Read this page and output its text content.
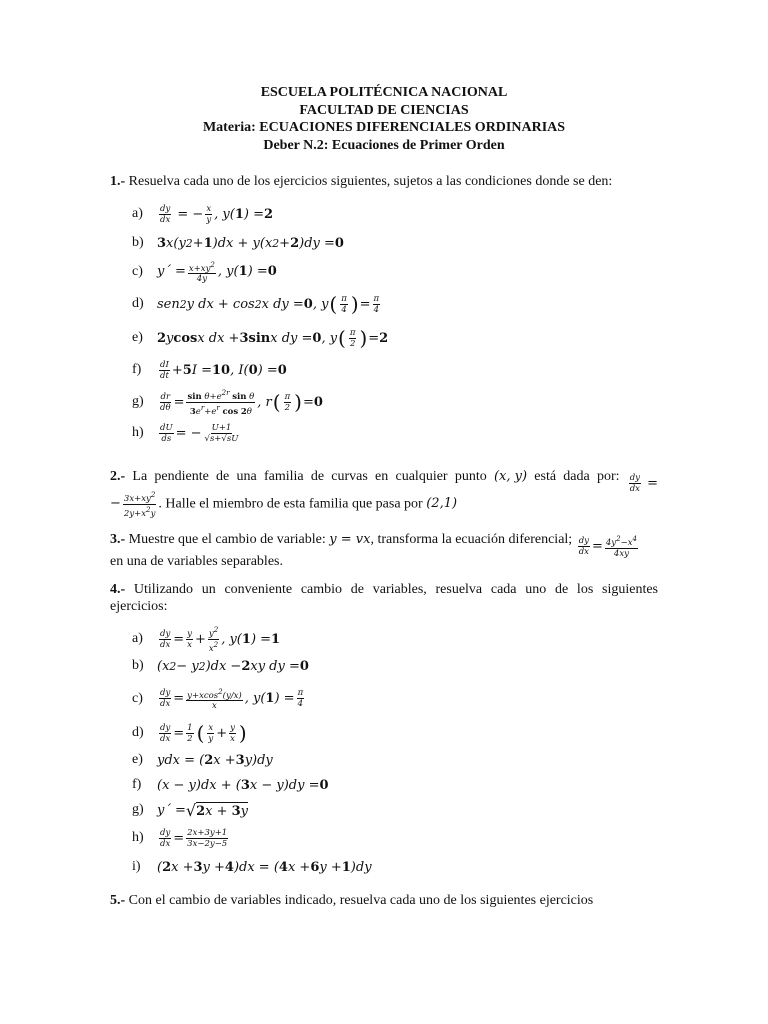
ESCUELA POLITÉCNICA NACIONAL
FACULTAD DE CIENCIAS
Materia: ECUACIONES DIFERENCIALES ORDINARIAS
Deber N.2: Ecuaciones de Primer Orden
1.- Resuelva cada uno de los ejercicios siguientes, sujetos a las condiciones donde se den:
a)	$\frac{dy}{dx}$ = − $\frac{x}{y}$ , y( 1 ) = 2
b)	3 x(y 2 + 1 )dx + y(x 2 + 2 )dy = 0
c)	y´ = $\frac{x+xy^2}{4y}$ , y( 1 ) = 0
d)	sen 2 y dx + cos 2 x dy = 0 , y ( $\frac{\pi}{4}$ ) = $\frac{\pi}{4}$
e)	2 y cos x dx + 3 sin x dy = 0 , y ( $\frac{\pi}{2}$ ) = 2
f)	$\frac{dI}{dt} + 5$ I = 10 , I( 0 ) = 0
g)	$\frac{dr}{d\theta} = \frac{\sin \theta+e^{2r} \sin \theta}{3e^r+e^r \cos 2\theta}$ , r ( $\frac{\pi}{2}$ ) = 0
h)	$\frac{dU}{ds}$ = − $\frac{U+1}{√s+√sU}$
2.- La pendiente de una familia de curvas en cualquier punto (x, y) está dada por: $\frac{dy}{dx}$ =
− $\frac{3x+xy^2}{2y+x^2y}$ . Halle el miembro de esta familia que pasa por (2,1)
3.- Muestre que el cambio de variable: y = vx, transforma la ecuación diferencial; $\frac{dy}{dx} = \frac{4y^2-x^4}{4xy}$
en una de variables separables.
4.- Utilizando un conveniente cambio de variables, resuelva cada uno de los siguientes
ejercicios:
a)	$\frac{dy}{dx} = \frac{y}{x} + \frac{y^2}{x^2}$ , y( 1 ) = 1
b)	(x 2 − y 2 )dx − 2 xy dy = 0
c)	$\frac{dy}{dx} = \frac{y+xcos^2(y/x)}{x}$ , y( 1 ) = $\frac{\pi}{4}$
d)	$\frac{dy}{dx} = \frac{1}{2}$ ( $\frac{x}{y} + \frac{y}{x}$ )
e)	ydx = ( 2 x + 3 y)dy
f)	(x − y)dx + ( 3 x − y)dy = 0
g)	y´ = √ 2x + 3y
h)	$\frac{dy}{dx} = \frac{2x+3y+1}{3x-2y-5}$
i)	( 2 x + 3 y + 4 )dx = ( 4 x + 6 y + 1 )dy
5.- Con el cambio de variables indicado, resuelva cada uno de los siguientes ejercicios
